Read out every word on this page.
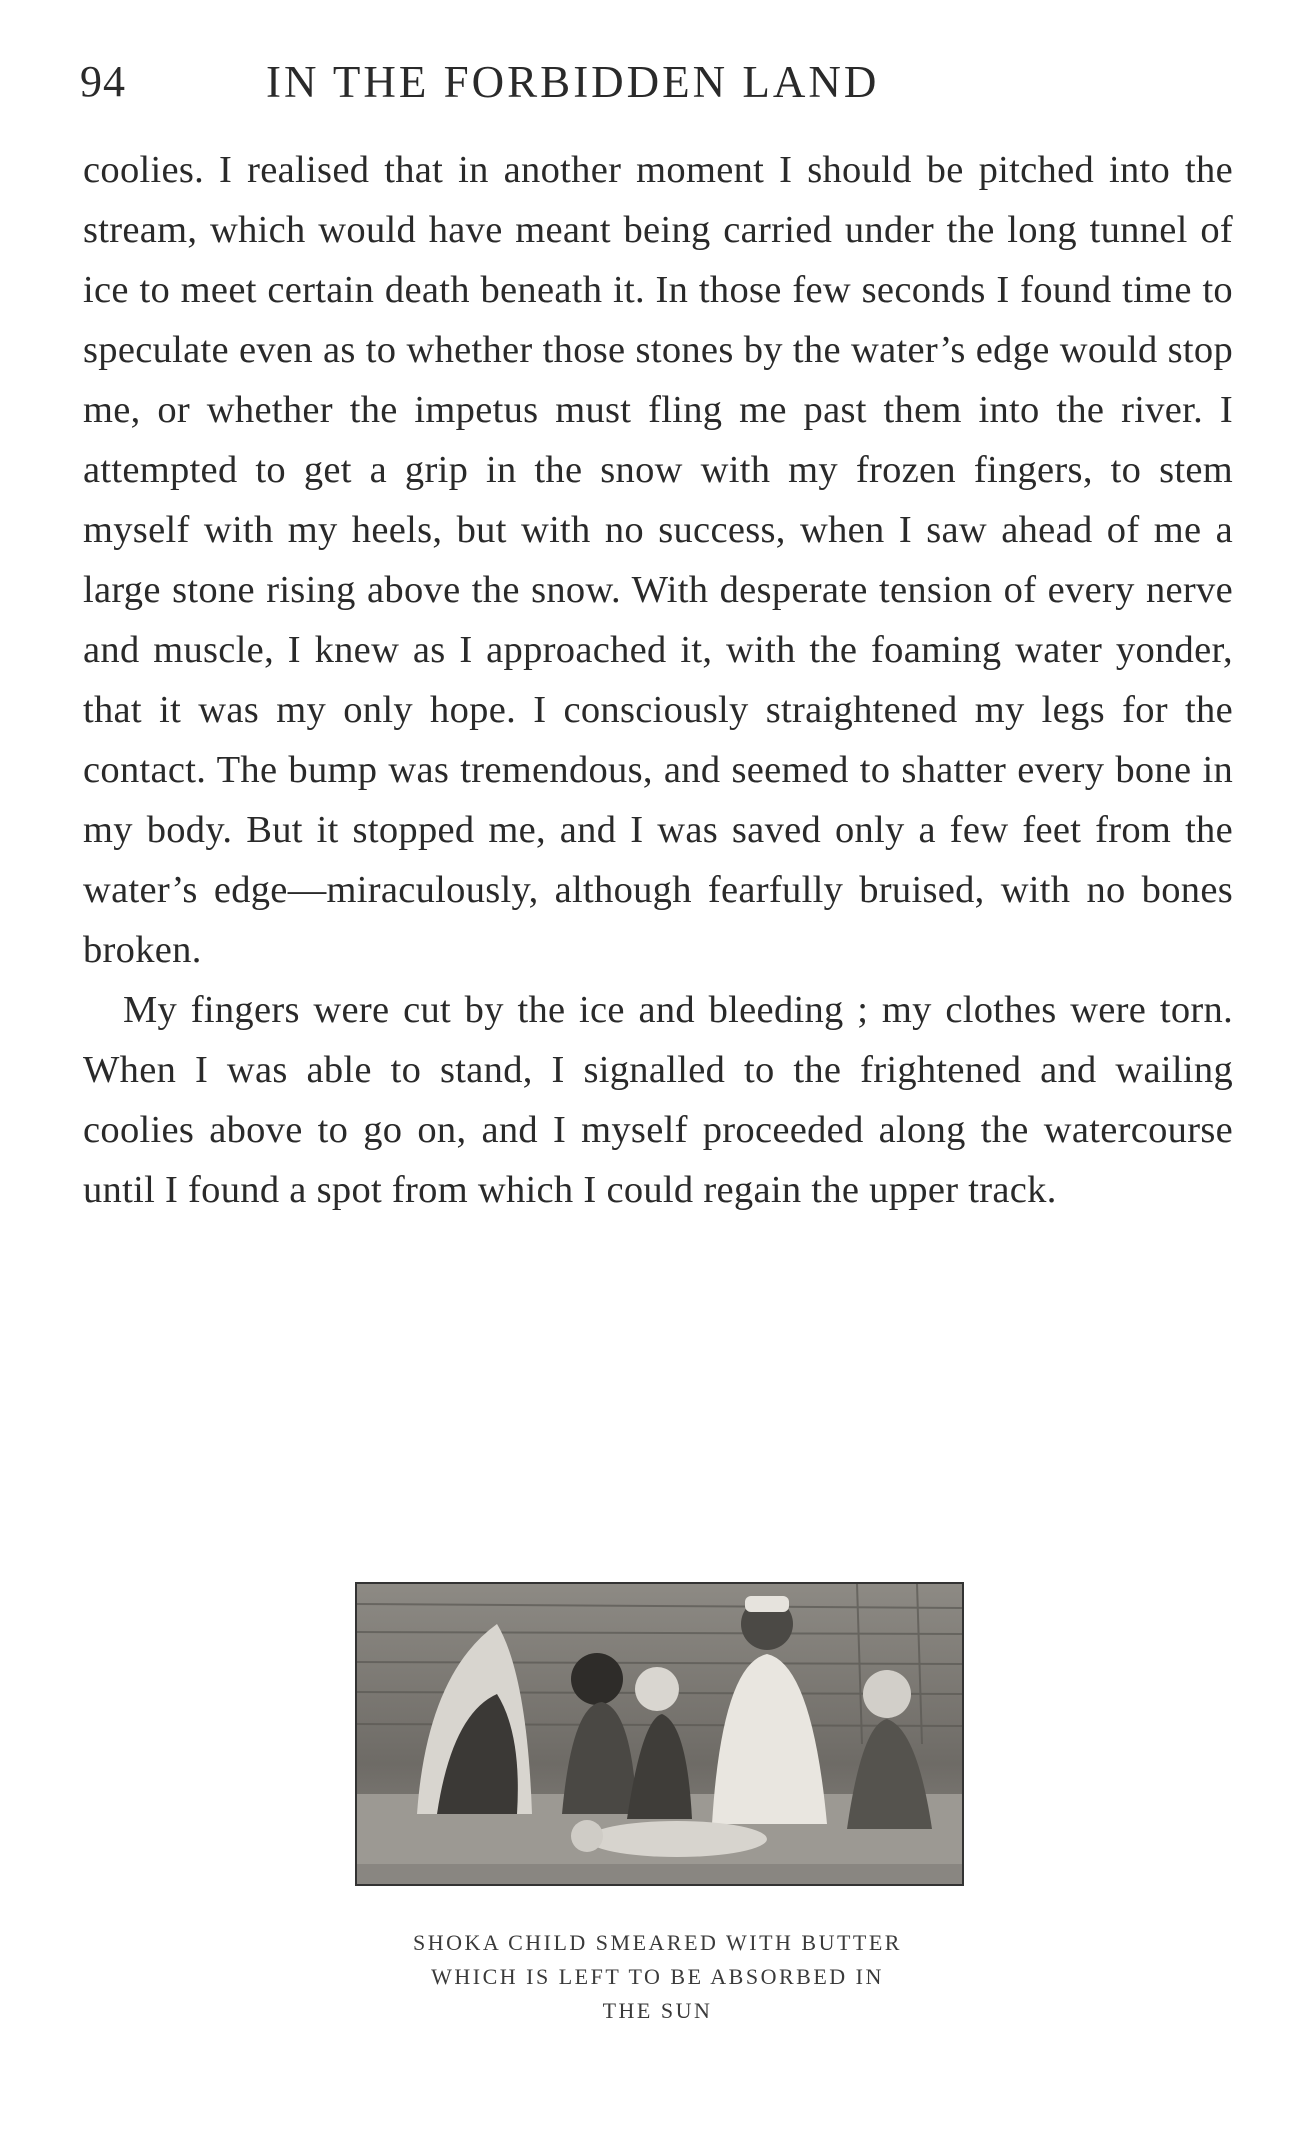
94	IN THE FORBIDDEN LAND

coolies. I realised that in another moment I should be pitched into the stream, which would have meant being carried under the long tunnel of ice to meet certain death beneath it. In those few seconds I found time to speculate even as to whether those stones by the water’s edge would stop me, or whether the impetus must fling me past them into the river. I attempted to get a grip in the snow with my frozen fingers, to stem myself with my heels, but with no success, when I saw ahead of me a large stone rising above the snow. With desperate tension of every nerve and muscle, I knew as I approached it, with the foaming water yonder, that it was my only hope. I consciously straightened my legs for the contact. The bump was tremendous, and seemed to shatter every bone in my body. But it stopped me, and I was saved only a few feet from the water’s edge—miraculously, although fearfully bruised, with no bones broken.

My fingers were cut by the ice and bleeding ; my clothes were torn. When I was able to stand, I signalled to the frightened and wailing coolies above to go on, and I myself proceeded along the watercourse until I found a spot from which I could regain the upper track.

SHOKA CHILD SMEARED WITH BUTTER
WHICH IS LEFT TO BE ABSORBED IN
THE SUN
